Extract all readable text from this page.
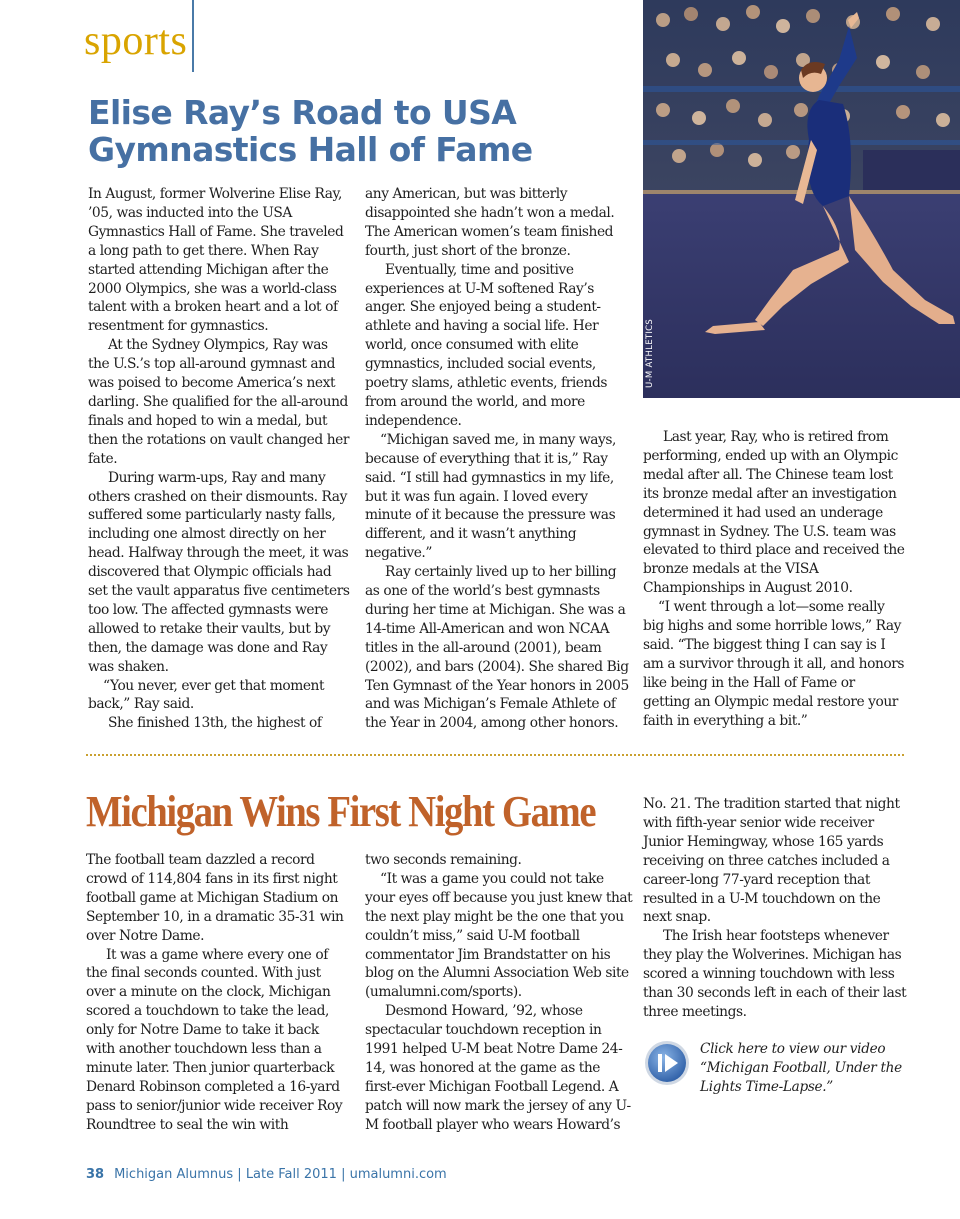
sports
Elise Ray’s Road to USA Gymnastics Hall of Fame
U-M ATHLETICS

In August, former Wolverine Elise Ray, ’05, was inducted into the USA Gymnastics Hall of Fame. She traveled a long path to get there. When Ray started attending Michigan after the 2000 Olympics, she was a world-class talent with a broken heart and a lot of resentment for gymnastics.

At the Sydney Olympics, Ray was the U.S.’s top all-around gymnast and was poised to become America’s next darling. She qualified for the all-around finals and hoped to win a medal, but then the rotations on vault changed her fate.

During warm-ups, Ray and many others crashed on their dismounts. Ray suffered some particularly nasty falls, including one almost directly on her head. Halfway through the meet, it was discovered that Olympic officials had set the vault apparatus five centimeters too low. The affected gymnasts were allowed to retake their vaults, but by then, the damage was done and Ray was shaken.

“You never, ever get that moment back,” Ray said.

She finished 13th, the highest of

any American, but was bitterly disappointed she hadn’t won a medal. The American women’s team finished fourth, just short of the bronze.

Eventually, time and positive experiences at U-M softened Ray’s anger. She enjoyed being a student-athlete and having a social life. Her world, once consumed with elite gymnastics, included social events, poetry slams, athletic events, friends from around the world, and more independence.

“Michigan saved me, in many ways, because of everything that it is,” Ray said. “I still had gymnastics in my life, but it was fun again. I loved every minute of it because the pressure was different, and it wasn’t anything negative.”

Ray certainly lived up to her billing as one of the world’s best gymnasts during her time at Michigan. She was a 14-time All-American and won NCAA titles in the all-around (2001), beam (2002), and bars (2004). She shared Big Ten Gymnast of the Year honors in 2005 and was Michigan’s Female Athlete of the Year in 2004, among other honors.

Last year, Ray, who is retired from performing, ended up with an Olympic medal after all. The Chinese team lost its bronze medal after an investigation determined it had used an underage gymnast in Sydney. The U.S. team was elevated to third place and received the bronze medals at the VISA Championships in August 2010.

“I went through a lot—some really big highs and some horrible lows,” Ray said. “The biggest thing I can say is I am a survivor through it all, and honors like being in the Hall of Fame or getting an Olympic medal restore your faith in everything a bit.”

Michigan Wins First Night Game

The football team dazzled a record crowd of 114,804 fans in its first night football game at Michigan Stadium on September 10, in a dramatic 35-31 win over Notre Dame.

It was a game where every one of the final seconds counted. With just over a minute on the clock, Michigan scored a touchdown to take the lead, only for Notre Dame to take it back with another touchdown less than a minute later. Then junior quarterback Denard Robinson completed a 16-yard pass to senior/junior wide receiver Roy Roundtree to seal the win with

two seconds remaining.

“It was a game you could not take your eyes off because you just knew that the next play might be the one that you couldn’t miss,” said U-M football commentator Jim Brandstatter on his blog on the Alumni Association Web site (umalumni.com/sports).

Desmond Howard, ’92, whose spectacular touchdown reception in 1991 helped U-M beat Notre Dame 24-14, was honored at the game as the first-ever Michigan Football Legend. A patch will now mark the jersey of any U-M football player who wears Howard’s

No. 21. The tradition started that night with fifth-year senior wide receiver Junior Hemingway, whose 165 yards receiving on three catches included a career-long 77-yard reception that resulted in a U-M touchdown on the next snap.

The Irish hear footsteps whenever they play the Wolverines. Michigan has scored a winning touchdown with less than 30 seconds left in each of their last three meetings.

Click here to view our video “Michigan Football, Under the Lights Time-Lapse.”
38 Michigan Alumnus | Late Fall 2011 | umalumni.com
